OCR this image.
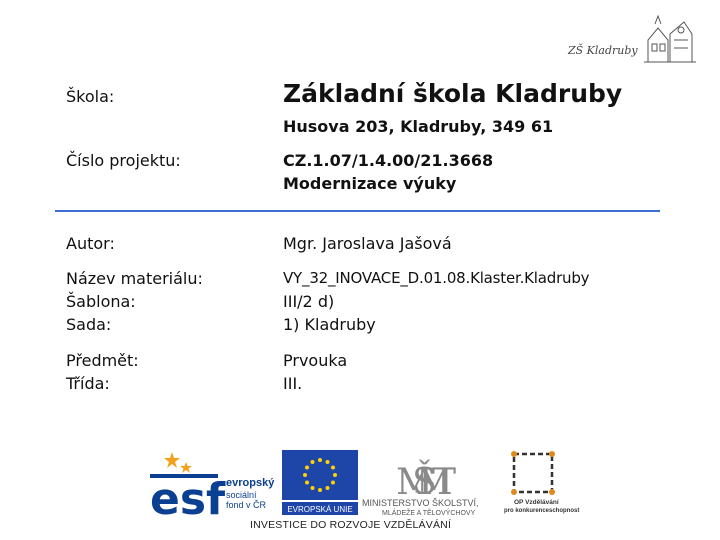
ZŠ Kladruby
Škola:	Základní škola Kladruby
Husova 203, Kladruby, 349 61
Číslo projektu:	CZ.1.07/1.4.00/21.3668
Modernizace výuky
Autor:	Mgr. Jaroslava Jašová
Název materiálu:	VY_32_INOVACE_D.01.08.Klaster.Kladruby
Šablona:	III/2 d)
Sada:	1) Kladruby
Předmět:	Prvouka
Třída:	III.
esf evropský
sociální
fond v ČR	EVROPSKÁ UNIE
MŠMT
MINISTERSTVO ŠKOLSTVÍ,
MLÁDEŽE A TĚLOVÝCHOVY
OP Vzdělávání
pro konkurenceschopnost
INVESTICE DO ROZVOJE VZDĚLÁVÁNÍ
